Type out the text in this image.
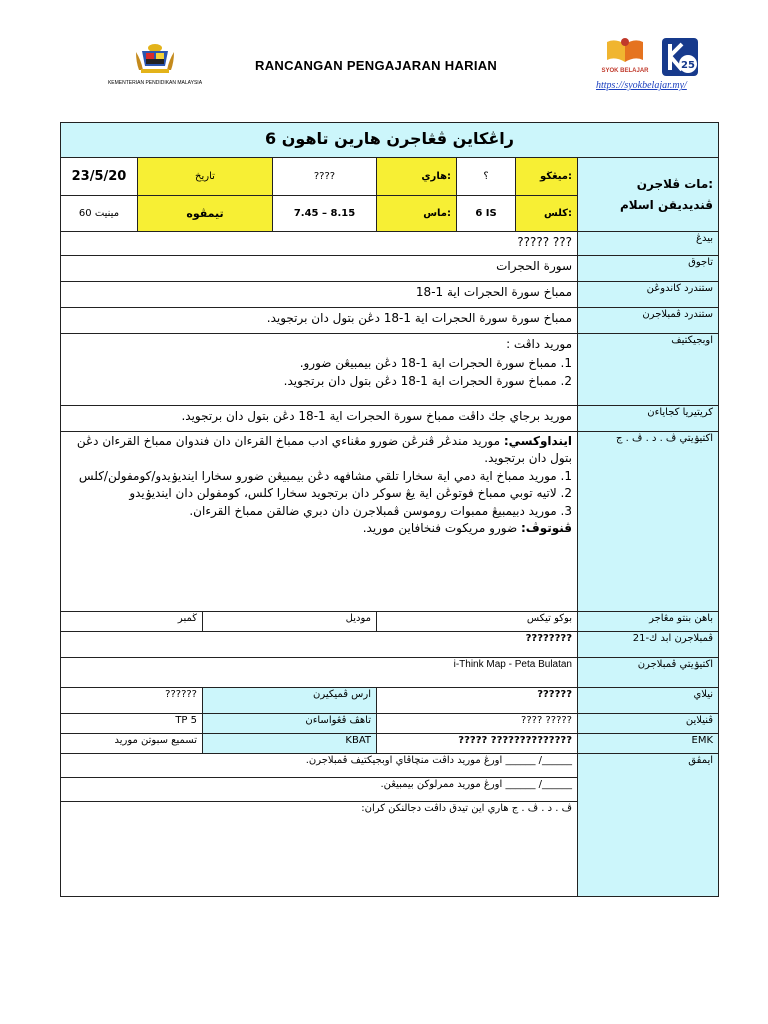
KEMENTERIAN PENDIDIKAN MALAYSIA
RANCANGAN PENGAJARAN HARIAN	SYOK BELAJAR	25
https://syokbelajar.my/
راڠكاين ڤڠاجرن هارين تاهون 6							
23/5/20	تاريخ		????	:هاري	؟	:ميڠڬو	:مات ڤلاجرن ڤنديديقن اسلام
60 مينيت	تيمڤوه		7.45 – 8.15	:ماس	6 IS	:كلس	
??? ?????							بيدڠ
سورة الحجرات							تاجوق
ممباخ سورة الحجرات اية 1-18							ستندرد كاندوڠن
ممباخ سورة سورة الحجرات اية 1-18 دڠن بتول دان برتجويد.							ستندرد ڤمبلاجرن

موريد داڤت :
1. ممباخ سورة الحجرات اية 1-18 دڠن بيمبيڠن ضورو.
2. ممباخ سورة الحجرات اية 1-18 دڠن بتول دان برتجويد.							اوبجيكتيف
موريد برجاي جك داڤت ممباخ سورة الحجرات اية 1-18 دڠن بتول دان برتجويد.							كريتيريا كجاياءن

اينداوكسي: موريد مندڠر ڤنرڠن ضورو مڠناءي ادب ممباخ القرءان دان فندوان ممباخ القرءان دڠن بتول دان برتجويد.
1. موريد ممباخ اية دمي اية سخارا تلقي مشافهه دڠن بيمبيڠن ضورو سخارا اينديۏيدو/كومفولن/كلس
2. لاتيه توبي ممباخ فوتوڠن اية يڠ سوكر دان برتجويد سخارا كلس، كومفولن دان اينديۏيدو
3. موريد دبيمبيڠ ممبوات روموسن ڤمبلاجرن دان دبري ضالقن ممباخ القرءان.
ڤنوتوڤ: ضورو مريكوت فنخافاين موريد.							اكتيۏيتي ڤ . د . ڤ . ج
ڬمبر		موديل		بوكو تيكس			باهن بنتو مڠاجر
????????							ڤمبلاجرن ابد ك-21
i-Think Map - Peta Bulatan							اكتيۏيتي ڤمبلاجرن
??????		ارس ڤميكيرن		??????			نيلاي
TP 5		تاهڤ ڤڠواساءن		????? ????			ڤنيلاين
تسميع سبوتن موريد		KBAT		?????????????? ?????			EMK
______/ ______ اورڠ موريد داڤت منچاڤاي اوبجيكتيف ڤمبلاجرن.							ايمڤق
______/ ______ اورڠ موريد ممرلوكن بيمبيڠن.							
ڤ . د . ڤ . ج هاري اين تيدق داڤت دجالنكن كران:							
